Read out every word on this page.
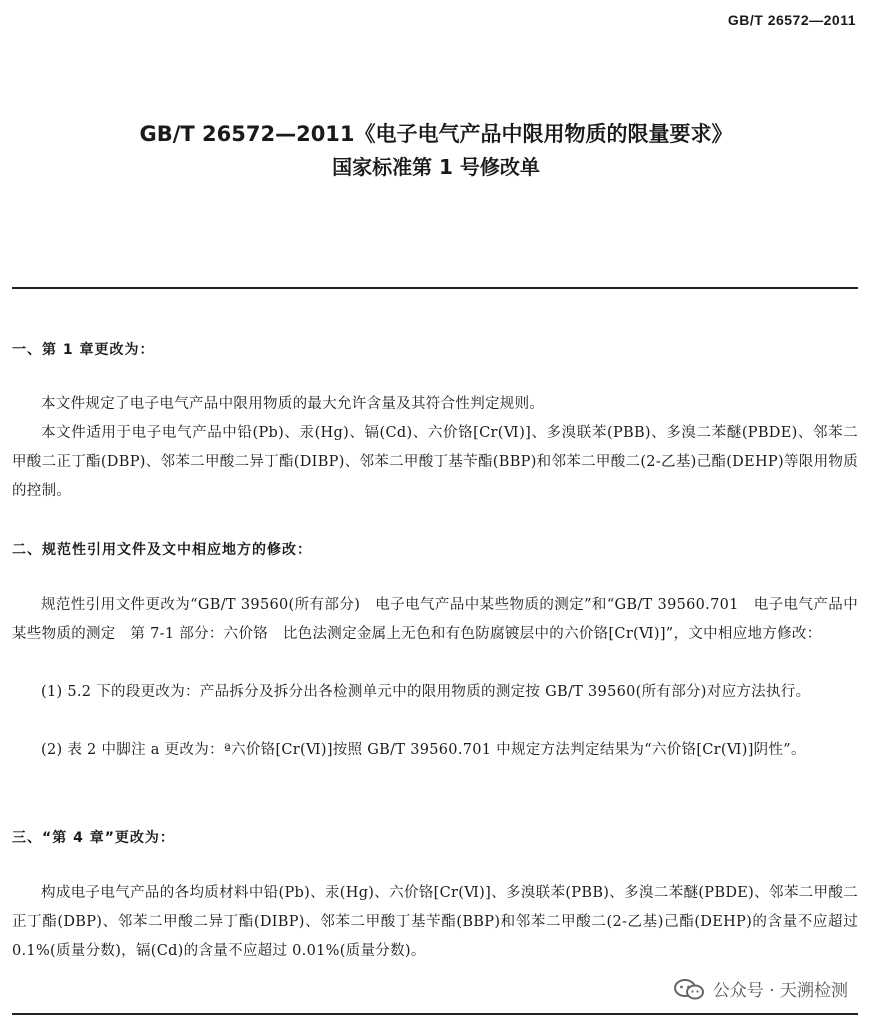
GB/T 26572—2011
GB/T 26572—2011《电子电气产品中限用物质的限量要求》
国家标准第 1 号修改单
一、第 1 章更改为：
本文件规定了电子电气产品中限用物质的最大允许含量及其符合性判定规则。
本文件适用于电子电气产品中铅(Pb)、汞(Hg)、镉(Cd)、六价铬[Cr(Ⅵ)]、多溴联苯(PBB)、多溴二苯醚(PBDE)、邻苯二甲酸二正丁酯(DBP)、邻苯二甲酸二异丁酯(DIBP)、邻苯二甲酸丁基苄酯(BBP)和邻苯二甲酸二(2-乙基)己酯(DEHP)等限用物质的控制。
二、规范性引用文件及文中相应地方的修改：
规范性引用文件更改为“GB/T 39560(所有部分)　电子电气产品中某些物质的测定”和“GB/T 39560.701　电子电气产品中某些物质的测定　第 7-1 部分：六价铬　比色法测定金属上无色和有色防腐镀层中的六价铬[Cr(Ⅵ)]”，文中相应地方修改：
(1) 5.2 下的段更改为：产品拆分及拆分出各检测单元中的限用物质的测定按 GB/T 39560(所有部分)对应方法执行。
(2) 表 2 中脚注 a 更改为：ª六价铬[Cr(Ⅵ)]按照 GB/T 39560.701 中规定方法判定结果为“六价铬[Cr(Ⅵ)]阴性”。
三、“第 4 章”更改为：
构成电子电气产品的各均质材料中铅(Pb)、汞(Hg)、六价铬[Cr(Ⅵ)]、多溴联苯(PBB)、多溴二苯醚(PBDE)、邻苯二甲酸二正丁酯(DBP)、邻苯二甲酸二异丁酯(DIBP)、邻苯二甲酸丁基苄酯(BBP)和邻苯二甲酸二(2-乙基)己酯(DEHP)的含量不应超过 0.1%(质量分数)，镉(Cd)的含量不应超过 0.01%(质量分数)。
公众号 · 天溯检测
